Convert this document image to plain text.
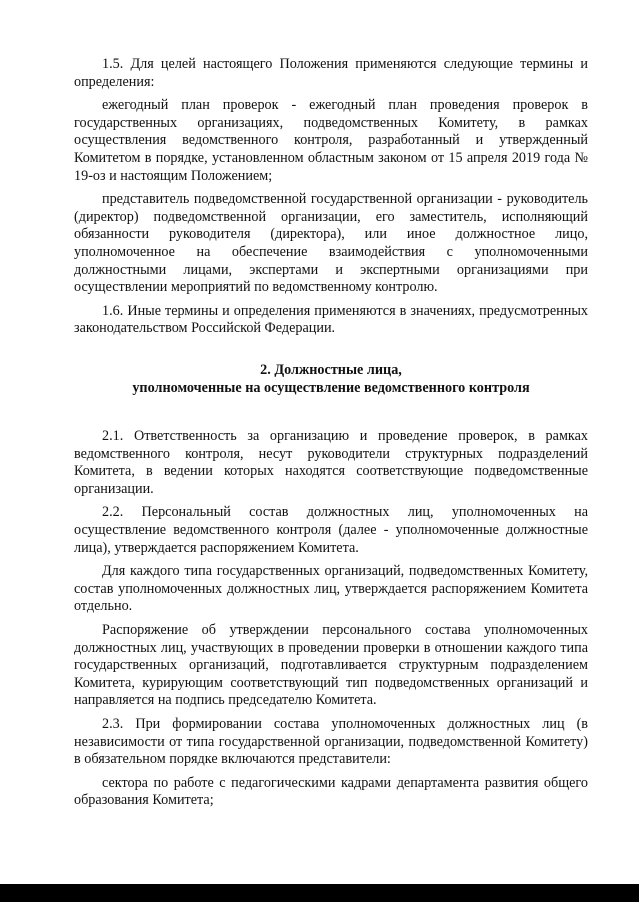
1.5. Для целей настоящего Положения применяются следующие термины и определения:

ежегодный план проверок - ежегодный план проведения проверок в государственных организациях, подведомственных Комитету, в рамках осуществления ведомственного контроля, разработанный и утвержденный Комитетом в порядке, установленном областным законом от 15 апреля 2019 года № 19-оз и настоящим Положением;

представитель подведомственной государственной организации - руководитель (директор) подведомственной организации, его заместитель, исполняющий обязанности руководителя (директора), или иное должностное лицо, уполномоченное на обеспечение взаимодействия с уполномоченными должностными лицами, экспертами и экспертными организациями при осуществлении мероприятий по ведомственному контролю.

1.6. Иные термины и определения применяются в значениях, предусмотренных законодательством Российской Федерации.

2. Должностные лица,

уполномоченные на осуществление ведомственного контроля

2.1. Ответственность за организацию и проведение проверок, в рамках ведомственного контроля, несут руководители структурных подразделений Комитета, в ведении которых находятся соответствующие подведомственные организации.

2.2. Персональный состав должностных лиц, уполномоченных на осуществление ведомственного контроля (далее - уполномоченные должностные лица), утверждается распоряжением Комитета.

Для каждого типа государственных организаций, подведомственных Комитету, состав уполномоченных должностных лиц, утверждается распоряжением Комитета отдельно.

Распоряжение об утверждении персонального состава уполномоченных должностных лиц, участвующих в проведении проверки в отношении каждого типа государственных организаций, подготавливается структурным подразделением Комитета, курирующим соответствующий тип подведомственных организаций и направляется на подпись председателю Комитета.

2.3. При формировании состава уполномоченных должностных лиц (в независимости от типа государственной организации, подведомственной Комитету) в обязательном порядке включаются представители:

сектора по работе с педагогическими кадрами департамента развития общего образования Комитета;
